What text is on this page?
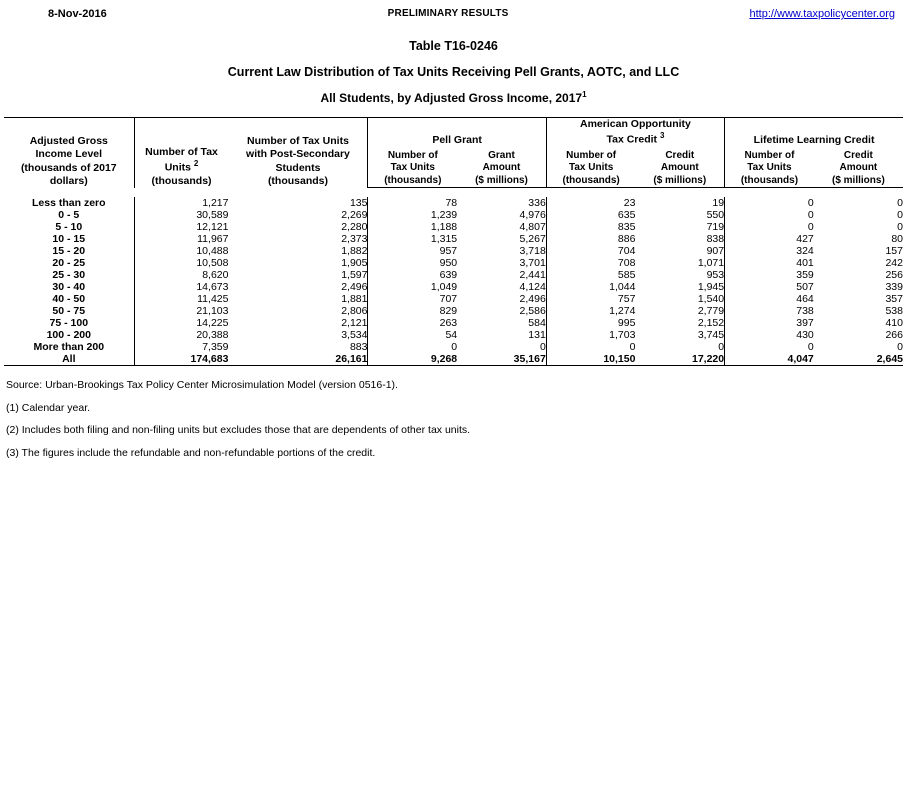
8-Nov-2016	PRELIMINARY RESULTS	http://www.taxpolicycenter.org
Table T16-0246
Current Law Distribution of Tax Units Receiving Pell Grants, AOTC, and LLC
All Students, by Adjusted Gross Income, 2017$^1$

Adjusted Gross
Income Level
(thousands of 2017
dollars)

Number of Tax
Units $^2$
(thousands)

Number of Tax Units
with Post-Secondary
Students
(thousands)
	Pell Grant	
American Opportunity
Tax Credit $^3$	Lifetime Learning Credit

Number of
Tax Units
(thousands)

Grant
Amount
($ millions)

Number of
Tax Units
(thousands)

Credit
Amount
($ millions)

Number of
Tax Units
(thousands)

Credit
Amount
($ millions)

Less than zero	1,217	135	78	336	23	19	0	0
0 - 5	30,589	2,269	1,239	4,976	635	550	0	0
5 - 10	12,121	2,280	1,188	4,807	835	719	0	0
10 - 15	11,967	2,373	1,315	5,267	886	838	427	80
15 - 20	10,488	1,882	957	3,718	704	907	324	157
20 - 25	10,508	1,905	950	3,701	708	1,071	401	242
25 - 30	8,620	1,597	639	2,441	585	953	359	256
30 - 40	14,673	2,496	1,049	4,124	1,044	1,945	507	339
40 - 50	11,425	1,881	707	2,496	757	1,540	464	357
50 - 75	21,103	2,806	829	2,586	1,274	2,779	738	538
75 - 100	14,225	2,121	263	584	995	2,152	397	410
100 - 200	20,388	3,534	54	131	1,703	3,745	430	266
More than 200	7,359	883	0	0	0	0	0	0
All	174,683	26,161	9,268	35,167	10,150	17,220	4,047	2,645

Source: Urban-Brookings Tax Policy Center Microsimulation Model (version 0516-1).
(1) Calendar year.
(2) Includes both filing and non-filing units but excludes those that are dependents of other tax units.
(3) The figures include the refundable and non-refundable portions of the credit.
